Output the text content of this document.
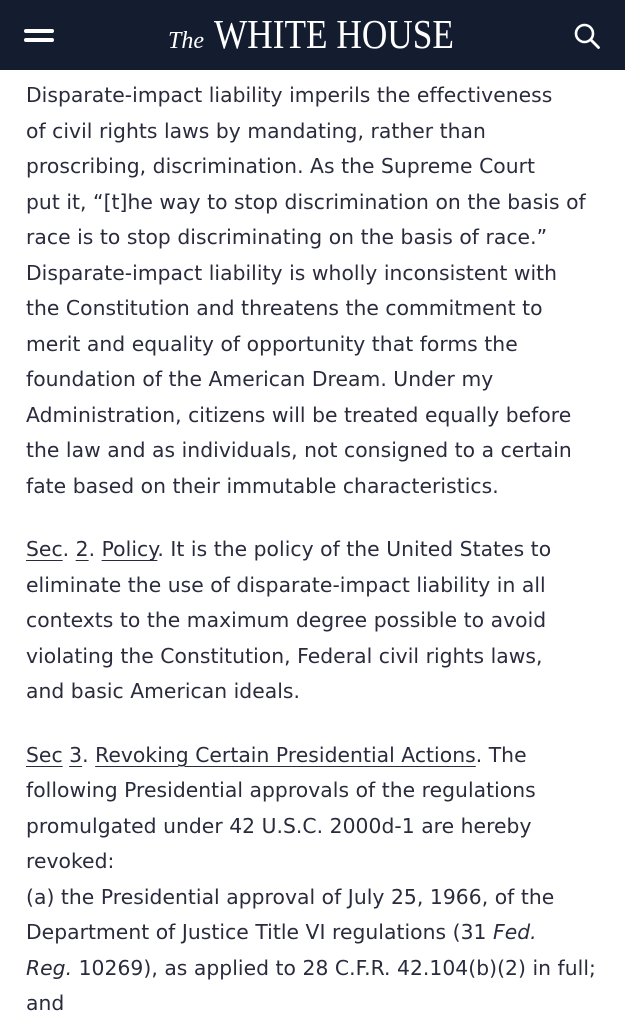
The WHITE HOUSE

Disparate-impact liability imperils the effectiveness

of civil rights laws by mandating, rather than

proscribing, discrimination. As the Supreme Court

put it, “[t]he way to stop discrimination on the basis of

race is to stop discriminating on the basis of race.”

Disparate-impact liability is wholly inconsistent with

the Constitution and threatens the commitment to

merit and equality of opportunity that forms the

foundation of the American Dream. Under my

Administration, citizens will be treated equally before

the law and as individuals, not consigned to a certain

fate based on their immutable characteristics.

Sec. 2. Policy. It is the policy of the United States to

eliminate the use of disparate-impact liability in all

contexts to the maximum degree possible to avoid

violating the Constitution, Federal civil rights laws,

and basic American ideals.

Sec 3. Revoking Certain Presidential Actions. The

following Presidential approvals of the regulations

promulgated under 42 U.S.C. 2000d-1 are hereby

revoked:

(a) the Presidential approval of July 25, 1966, of the

Department of Justice Title VI regulations (31 Fed.

Reg. 10269), as applied to 28 C.F.R. 42.104(b)(2) in full;

and
